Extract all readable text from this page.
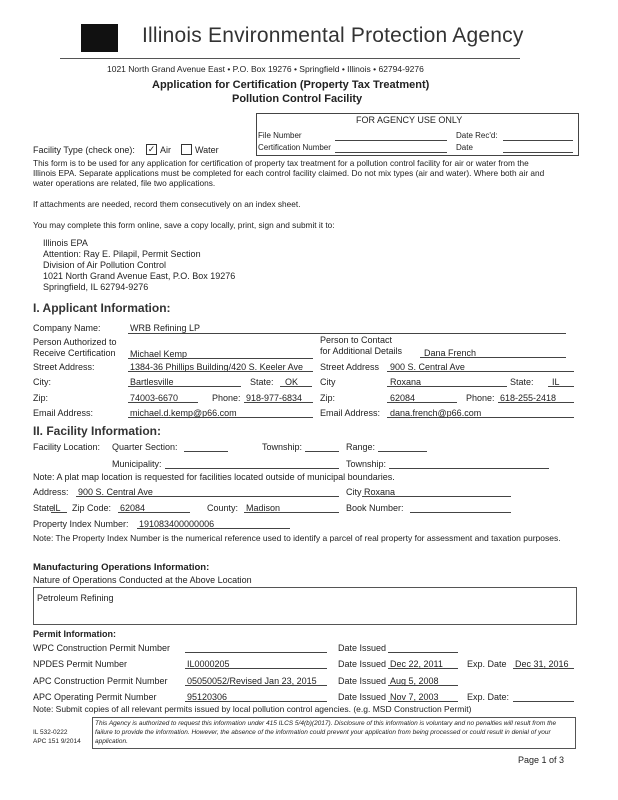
Illinois Environmental Protection Agency
1021 North Grand Avenue East • P.O. Box 19276 • Springfield • Illinois • 62794-9276
Application for Certification (Property Tax Treatment)
Pollution Control Facility
FOR AGENCY USE ONLY
File Number	Date Rec'd:
Certification Number	Date
Facility Type (check one): ✓ Air	Water
This form is to be used for any application for certification of property tax treatment for a pollution control facility for air or water from the Illinois EPA. Separate applications must be completed for each control facility claimed. Do not mix types (air and water). Where both air and water operations are related, file two applications.
If attachments are needed, record them consecutively on an index sheet.
You may complete this form online, save a copy locally, print, sign and submit it to:
Illinois EPA
Attention: Ray E. Pilapil, Permit Section
Division of Air Pollution Control
1021 North Grand Avenue East, P.O. Box 19276
Springfield, IL 62794-9276
I. Applicant Information:
Company Name:	WRB Refining LP
Person Authorized to
Receive Certification Michael Kemp
Person to Contact
for Additional Details Dana French
Street Address:	1384-36 Phillips Building/420 S. Keeler Ave Street Address 900 S. Central Ave
City:	Bartlesville	State: OK City	Roxana	State: IL
Zip:	74003-6670	Phone: 918-977-6834 Zip:	62084	Phone: 618-255-2418
Email Address:	michael.d.kemp@p66.com	Email Address: dana.french@p66.com
II. Facility Information:
Facility Location: Quarter Section:	Township:	Range:
Municipality:	Township:
Note: A plat map location is requested for facilities located outside of municipal boundaries.
Address: 900 S. Central Ave	City Roxana
State
IL Zip Code: 62084	County: Madison	Book Number:
Property Index Number: 191083400000006
Note: The Property Index Number is the numerical reference used to identify a parcel of real property for assessment and taxation purposes.
Manufacturing Operations Information:
Nature of Operations Conducted at the Above Location
Petroleum Refining
Permit Information:
WPC Construction Permit Number	Date Issued
NPDES Permit Number	IL0000205	Date Issued Dec 22, 2011	Exp. Date Dec 31, 2016
APC Construction Permit Number 05050052/Revised Jan 23, 2015 Date Issued Aug 5, 2008
APC Operating Permit Number	95120306	Date Issued Nov 7, 2003	Exp. Date:
Note: Submit copies of all relevant permits issued by local pollution control agencies. (e.g. MSD Construction Permit)
IL 532-0222
APC 151 9/2014
This Agency is authorized to request this information under 415 ILCS 5/4(b)(2017). Disclosure of this information is voluntary and no penalties will result from the failure to provide the information. However, the absence of the information could prevent your application from being processed or could result in denial of your application.
Page 1 of 3
